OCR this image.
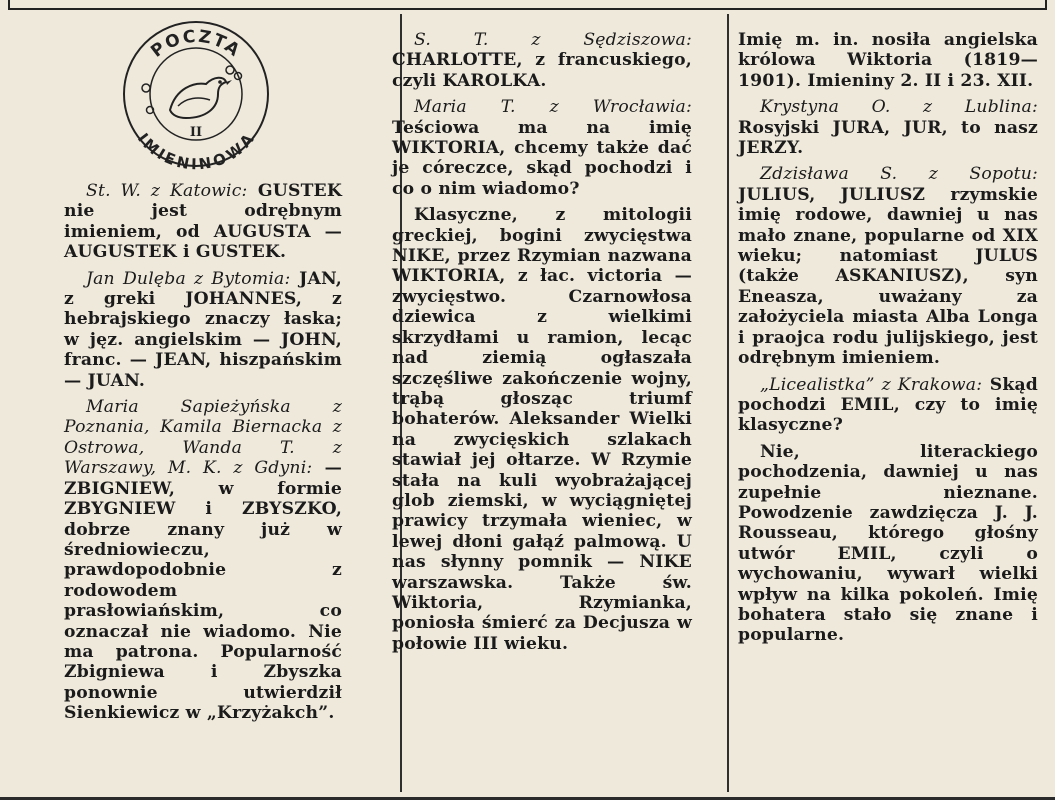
POCZTA
IMIENINOWA
II

St. W. z Katowic: GUSTEK nie jest odrębnym imieniem, od AUGUSTA — AUGUSTEK i GUSTEK.

Jan Dulęba z Bytomia: JAN, z greki JOHANNES, z hebrajskiego znaczy łaska; w jęz. angielskim — JOHN, franc. — JEAN, hiszpańskim — JUAN.

Maria Sapieżyńska z Poznania, Kamila Biernacka z Ostrowa, Wanda T. z Warszawy, M. K. z Gdyni: — ZBIGNIEW, w formie ZBYGNIEW i ZBYSZKO, dobrze znany już w średniowieczu, prawdopodobnie z rodowodem prasłowiańskim, co oznaczał nie wiadomo. Nie ma patrona. Popularność Zbigniewa i Zbyszka ponownie utwierdził Sienkiewicz w „Krzyżakch”.

S. T. z Sędziszowa: CHARLOTTE, z francuskiego, czyli KAROLKA.

Maria T. z Wrocławia: Teściowa ma na imię WIKTORIA, chcemy także dać je córeczce, skąd pochodzi i co o nim wiadomo?

Klasyczne, z mitologii greckiej, bogini zwycięstwa NIKE, przez Rzymian nazwana WIKTORIA, z łac. victoria — zwycięstwo. Czarnowłosa dziewica z wielkimi skrzydłami u ramion, lecąc nad ziemią ogłaszała szczęśliwe zakończenie wojny, trąbą głosząc triumf bohaterów. Aleksander Wielki na zwycięskich szlakach stawiał jej ołtarze. W Rzymie stała na kuli wyobrażającej glob ziemski, w wyciągniętej prawicy trzymała wieniec, w lewej dłoni gałąź palmową. U nas słynny pomnik — NIKE warszawska. Także św. Wiktoria, Rzymianka, poniosła śmierć za Decjusza w połowie III wieku.

Imię m. in. nosiła angielska królowa Wiktoria (1819—1901). Imieniny 2. II i 23. XII.

Krystyna O. z Lublina: Rosyjski JURA, JUR, to nasz JERZY.

Zdzisława S. z Sopotu: JULIUS, JULIUSZ rzymskie imię rodowe, dawniej u nas mało znane, popularne od XIX wieku; natomiast JULUS (także ASKANIUSZ), syn Eneasza, uważany za założyciela miasta Alba Longa i praojca rodu julijskiego, jest odrębnym imieniem.

„Licealistka” z Krakowa: Skąd pochodzi EMIL, czy to imię klasyczne?

Nie, literackiego pochodzenia, dawniej u nas zupełnie nieznane. Powodzenie zawdzięcza J. J. Rousseau, którego głośny utwór EMIL, czyli o wychowaniu, wywarł wielki wpływ na kilka pokoleń. Imię bohatera stało się znane i popularne.
